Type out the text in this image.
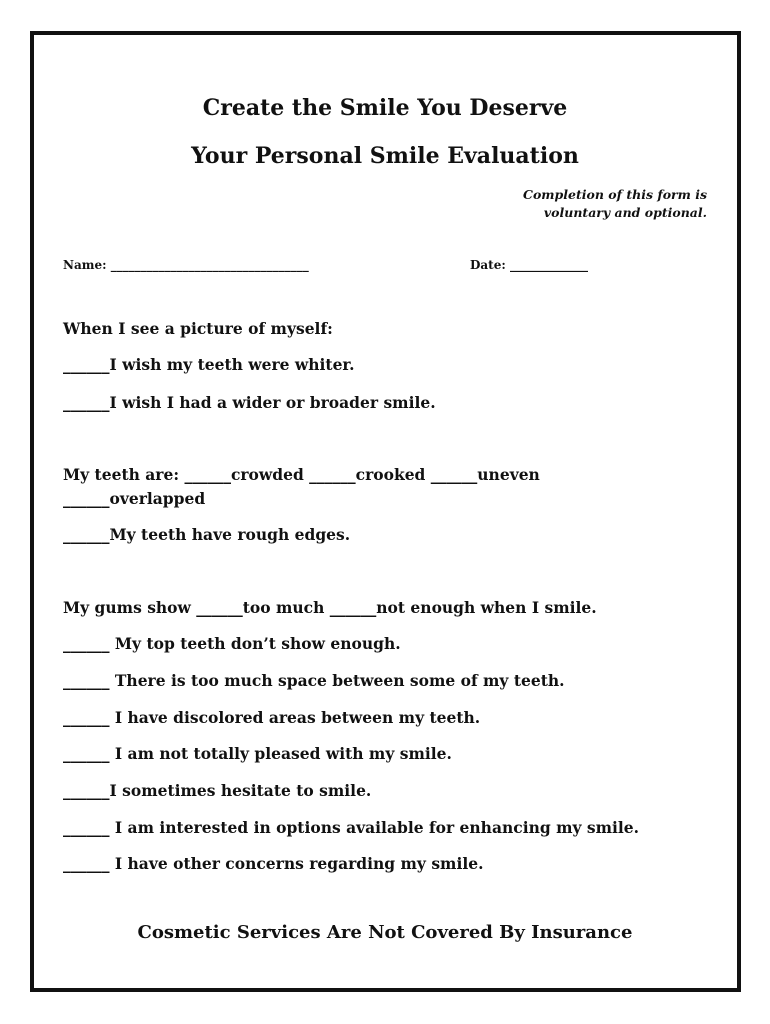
Create the Smile You Deserve
Your Personal Smile Evaluation
Completion of this form is
voluntary and optional.
Name: _________________________________	Date: _____________
When I see a picture of myself:
______I wish my teeth were whiter.
______I wish I had a wider or broader smile.
My teeth are: ______crowded ______crooked ______uneven
______overlapped
______My teeth have rough edges.
My gums show ______too much ______not enough when I smile.
______ My top teeth don’t show enough.
______ There is too much space between some of my teeth.
______ I have discolored areas between my teeth.
______ I am not totally pleased with my smile.
______I sometimes hesitate to smile.
______ I am interested in options available for enhancing my smile.
______ I have other concerns regarding my smile.
Cosmetic Services Are Not Covered By Insurance
